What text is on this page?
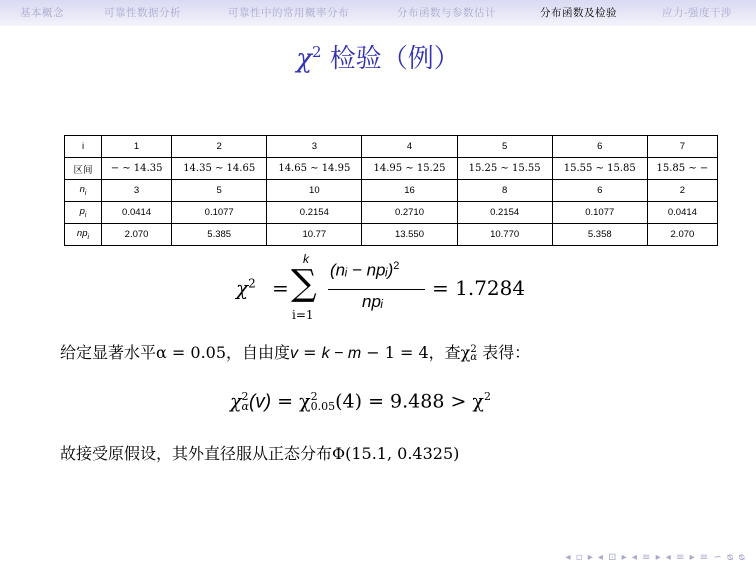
基本概念	可靠性数据分析	可靠性中的常用概率分布	分布函数与参数估计	分布函数及检验	应力-强度干涉
$\chi^2$ 检验（例）
i	1	2	3	4	5	6	7
区间	− ∼ 14.35	14.35 ∼ 14.65	14.65 ∼ 14.95	14.95 ∼ 15.25	15.25 ∼ 15.55	15.55 ∼ 15.85	15.85 ∼ −
$n_i$	3	5	10	16	8	6	2
$p_i$	0.0414	0.1077	0.2154	0.2710	0.2154	0.1077	0.0414
$np_i$	2.070	5.385	10.77	13.550	10.770	5.358	2.070
$\chi^2$ =
k
∑
i=1
(nᵢ − npᵢ)$^2$
npᵢ
= 1.7284
给定显著水平α = 0.05，自由度v = k − m − 1 = 4，查χ 2
α 表得：
χ 2
α (v) = χ 2
0.05 $(4) = 9.488 > \chi^2$
故接受原假设，其外直径服从正态分布Φ(15.1, 0.4325)
◂ ▫ ▸ ◂ ⊡ ▸ ◂ ≡ ▸ ◂ ≡ ▸ ≡ ∽ ᴓ ᴓ
